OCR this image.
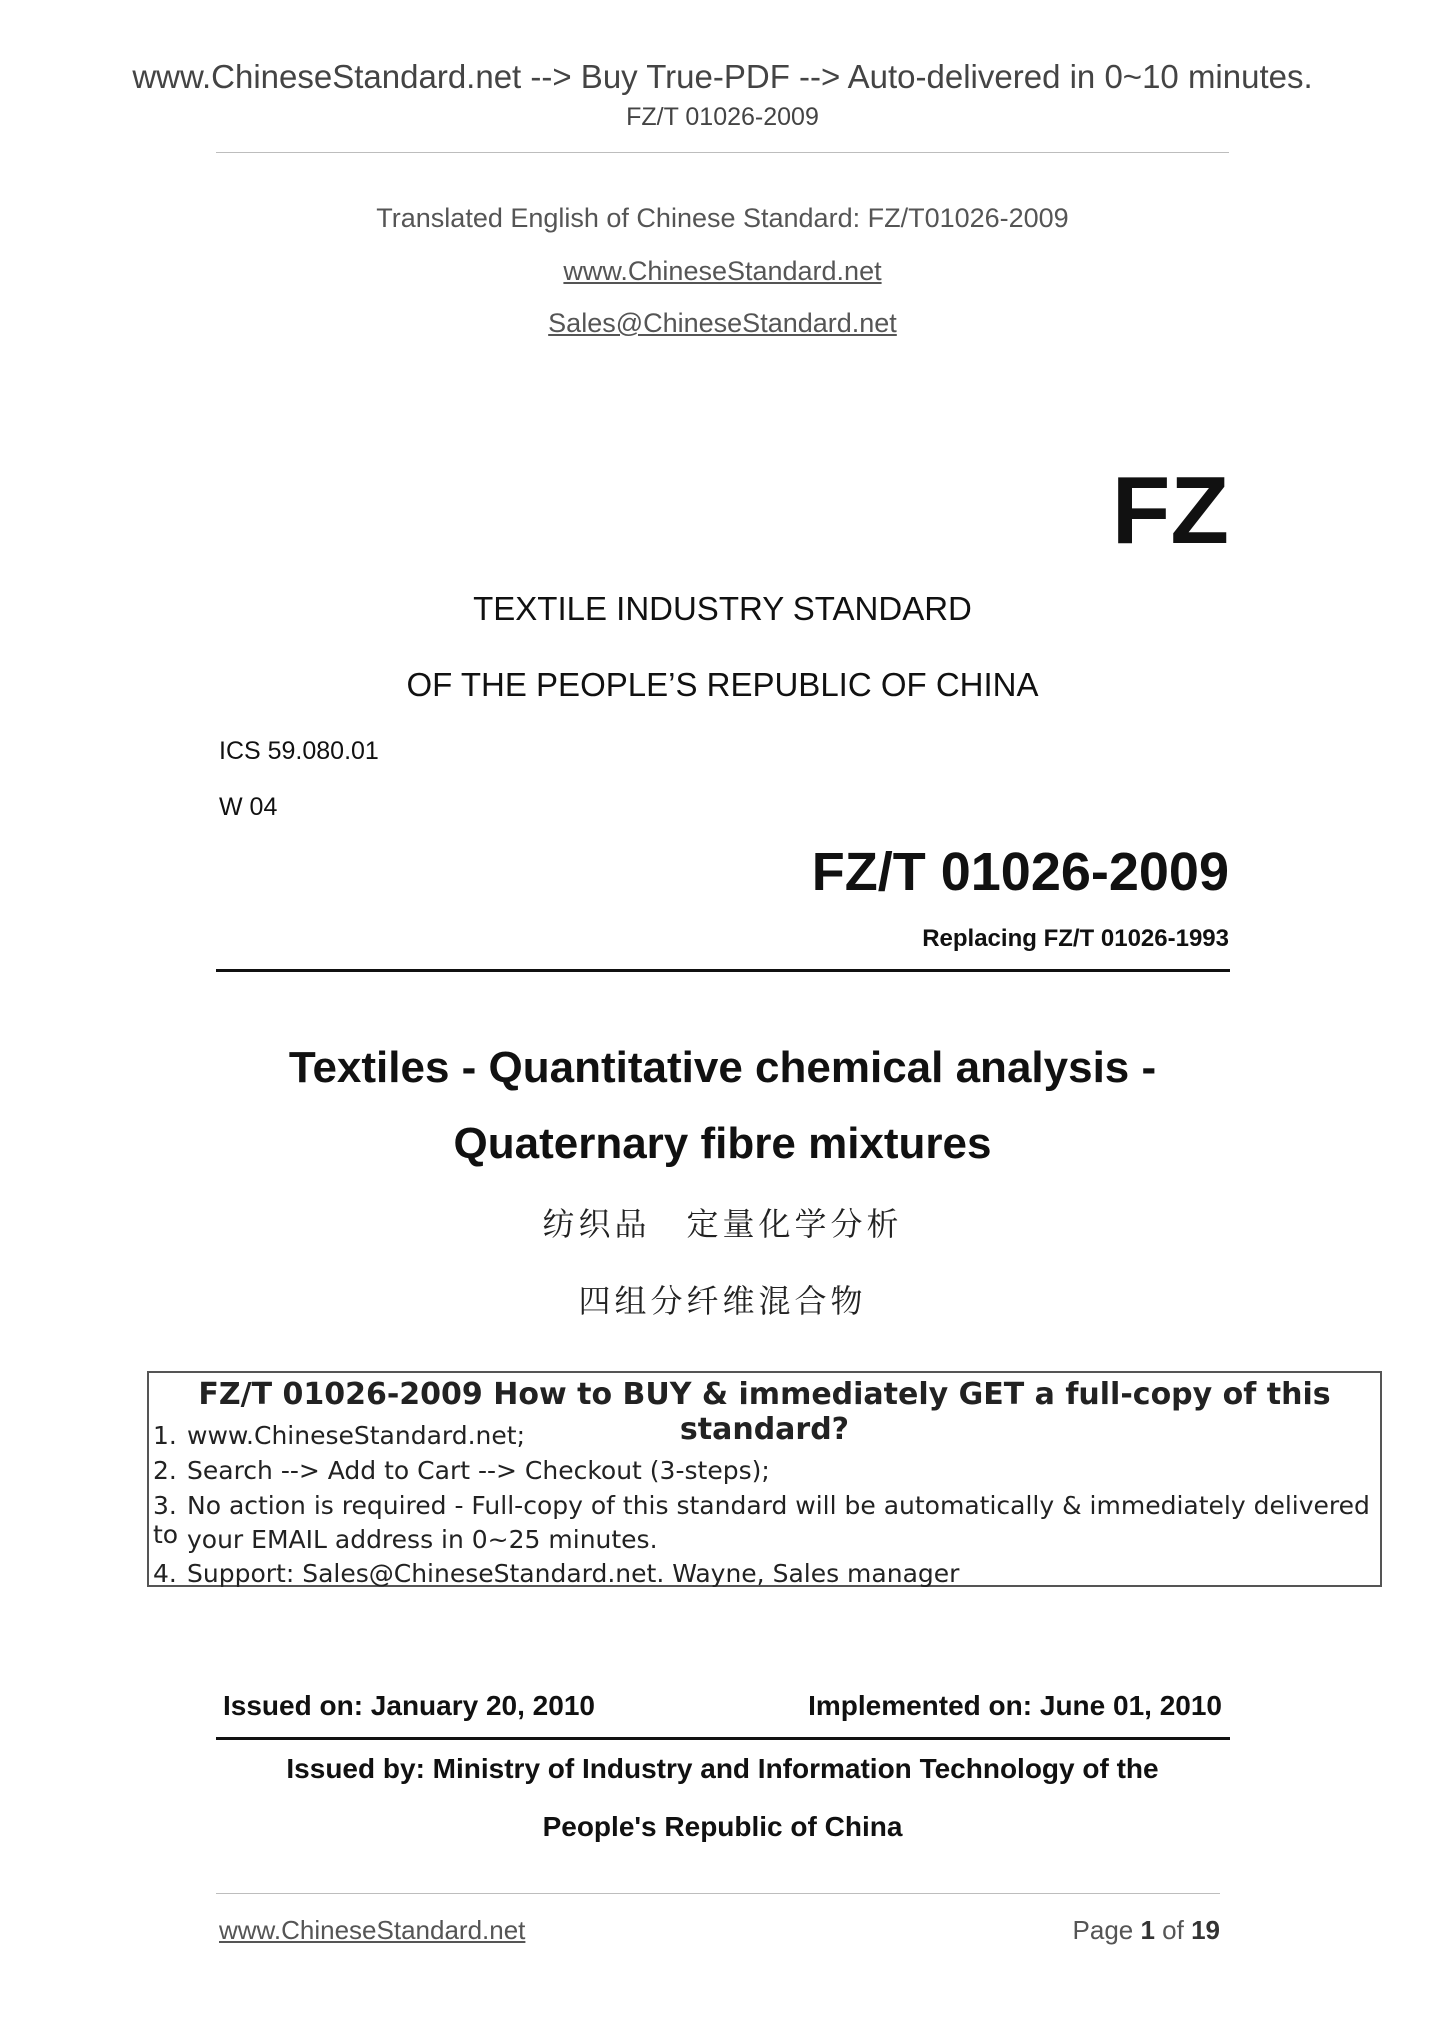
www.ChineseStandard.net --> Buy True-PDF --> Auto-delivered in 0~10 minutes.
FZ/T 01026-2009
Translated English of Chinese Standard: FZ/T01026-2009
www.ChineseStandard.net
Sales@ChineseStandard.net
FZ
TEXTILE INDUSTRY STANDARD
OF THE PEOPLE’S REPUBLIC OF CHINA
ICS 59.080.01
W 04
FZ/T 01026-2009
Replacing FZ/T 01026-1993
Textiles - Quantitative chemical analysis -
Quaternary fibre mixtures
纺织品　定量化学分析
四组分纤维混合物
FZ/T 01026-2009 How to BUY & immediately GET a full-copy of this standard?
1. www.ChineseStandard.net;
2. Search --> Add to Cart --> Checkout (3-steps);
3. No action is required - Full-copy of this standard will be automatically & immediately delivered to your EMAIL address in 0~25 minutes.
4. Support: Sales@ChineseStandard.net. Wayne, Sales manager
Issued on: January 20, 2010	Implemented on: June 01, 2010
Issued by: Ministry of Industry and Information Technology of the
People's Republic of China
www.ChineseStandard.net	Page 1 of 19
